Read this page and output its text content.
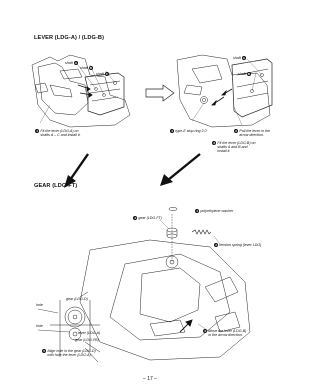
LEVER (LDG-A) / (LDG-B)
shaft A
shaft B
shaft C
1 Fit the lever (LDG-A) on
shafts A – C and install it.
shaft A
shaft B
4 type-E stop ring 2.0	2 Pull the lever in the
arrow direction.
3 Fit the lever (LDG-B) on
shafts A and B and
install it.
GEAR (LDG-FT)
1 polyethylene washer
4 gear (LDG-FT)
2 tension spring (lever LDG)
gear (LDG-D)
hole
hole
lever (LDG-A)
gear (LDG-FB)
5 Align hole in the gear (LDG-D)
with hole the lever (LDG-A).
3 Move the lever (LDG-B)
in the arrow direction.
– 17 –
